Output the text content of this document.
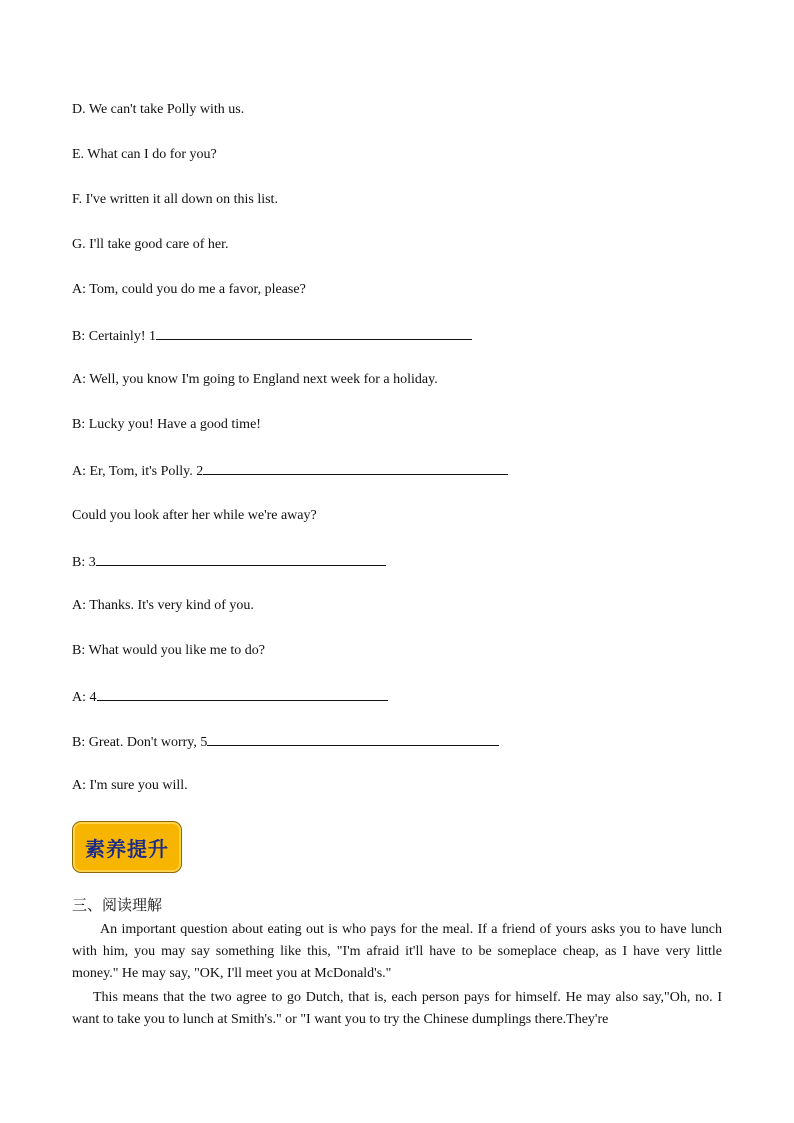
D. We can't take Polly with us.
E. What can I do for you?
F. I've written it all down on this list.
G. I'll take good care of her.
A: Tom, could you do me a favor, please?
B: Certainly! 1
A: Well, you know I'm going to England next week for a holiday.
B: Lucky you! Have a good time!
A: Er, Tom, it's Polly. 2
Could you look after her while we're away?
B: 3
A: Thanks. It's very kind of you.
B: What would you like me to do?
A: 4
B: Great. Don't worry, 5
A: I'm sure you will.
素养提升
三、阅读理解
An important question about eating out is who pays for the meal. If a friend of yours asks you to have lunch with him, you may say something like this, "I'm afraid it'll have to be someplace cheap, as I have very little money." He may say, "OK, I'll meet you at McDonald's."
This means that the two agree to go Dutch, that is, each person pays for himself. He may also say,"Oh, no. I want to take you to lunch at Smith's." or "I want you to try the Chinese dumplings there.They're
